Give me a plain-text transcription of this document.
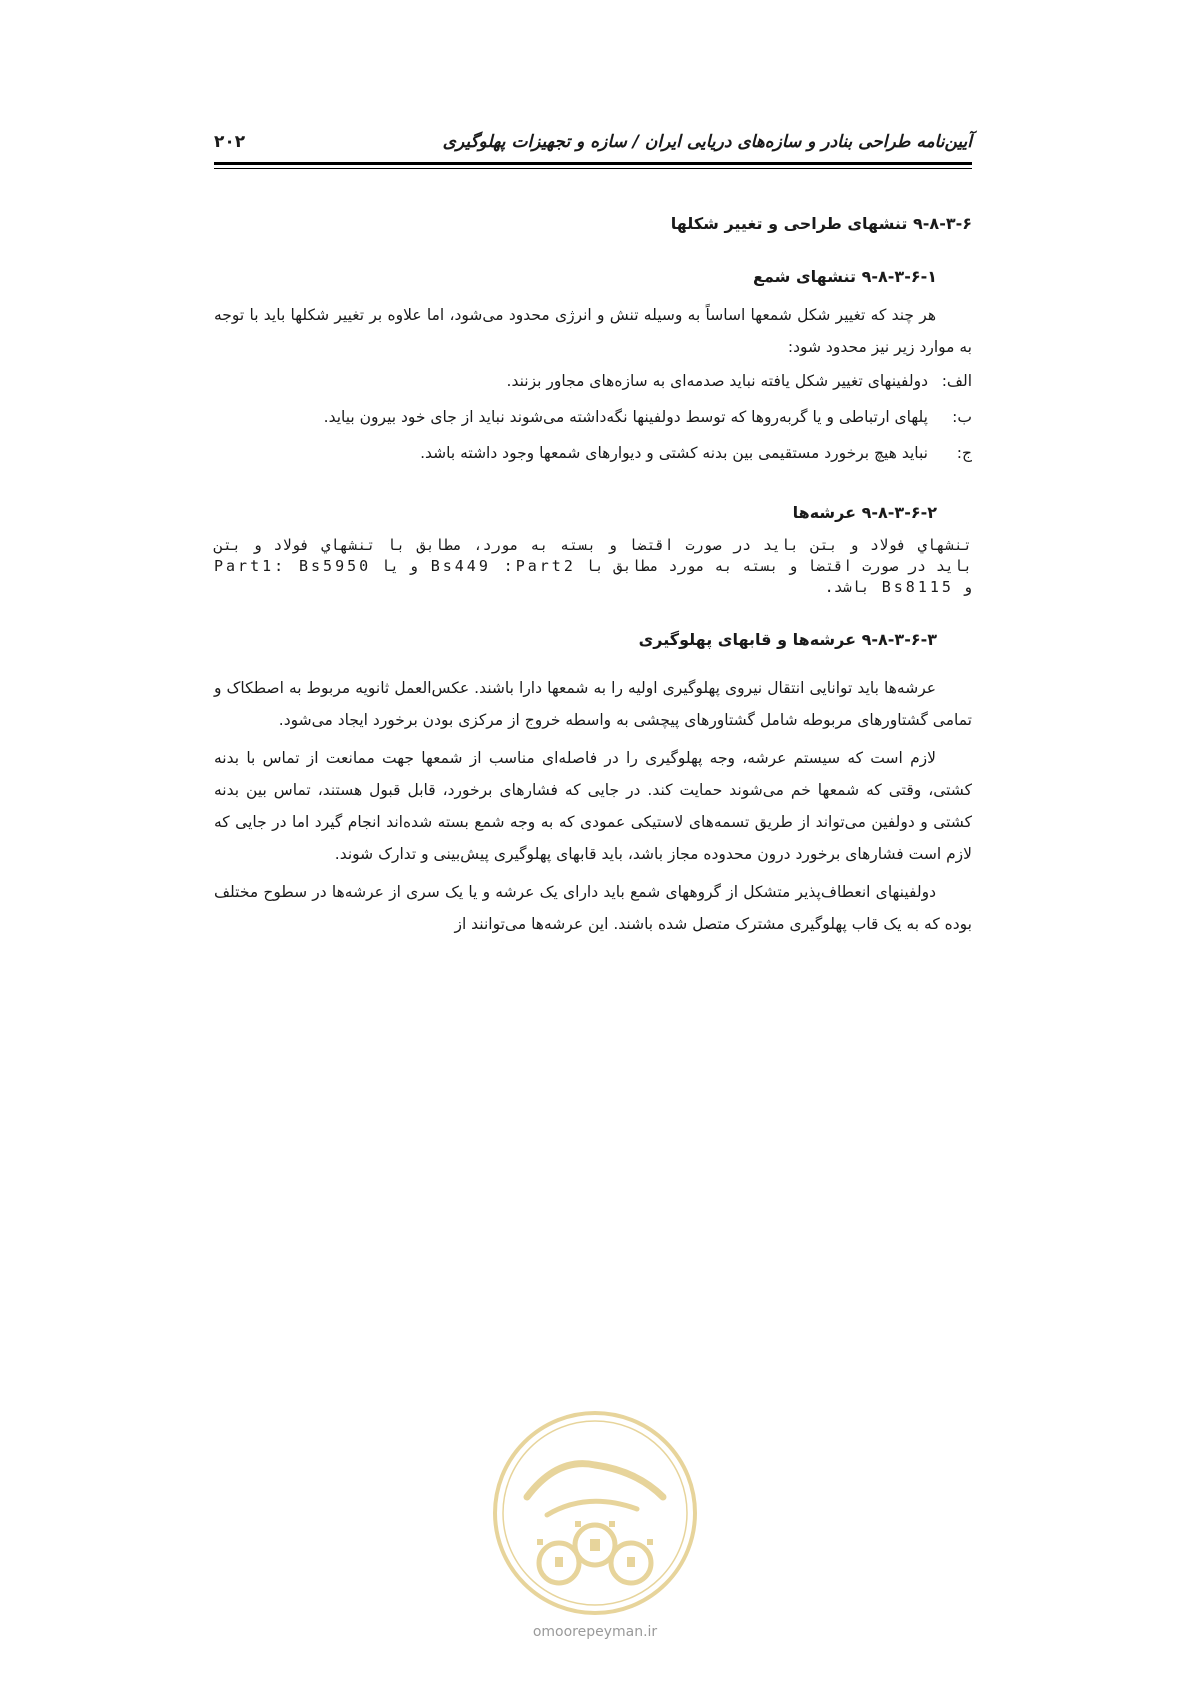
آیین‌نامه طراحی بنادر و سازه‌های دریایی ایران / سازه و تجهیزات پهلوگیری
۲۰۲
۹-۸-۳-۶ تنشهای طراحی و تغییر شکلها
۹-۸-۳-۶-۱ تنشهای شمع

هر چند که تغییر شکل شمعها اساساً به وسیله تنش و انرژی محدود می‌شود، اما علاوه بر تغییر شکلها باید با توجه به موارد زیر نیز محدود شود:

الف:
دولفینهای تغییر شکل یافته نباید صدمه‌ای به سازه‌های مجاور بزنند.
ب:
پلهای ارتباطی و یا گربه‌روها که توسط دولفینها نگه‌داشته می‌شوند نباید از جای خود بیرون بیاید.
ج:
نباید هیچ برخورد مستقیمی بین بدنه کشتی و دیوارهای شمعها وجود داشته باشد.
۹-۸-۳-۶-۲ عرشه‌ها

تنشهاي فولاد و بتن بايد در صورت اقتضا و بسته به مورد، مطابق با تنشهاي فولاد و بتن بايد در صورت اقتضا و بسته به مورد مطابق با Bs449 :Part2 و يا Part1: Bs5950 و Bs8115 باشد.

۹-۸-۳-۶-۳ عرشه‌ها و قابهای پهلوگیری

عرشه‌ها باید توانایی انتقال نیروی پهلوگیری اولیه را به شمعها دارا باشند. عکس‌العمل ثانویه مربوط به اصطکاک و تمامی گشتاورهای مربوطه شامل گشتاورهای پیچشی به واسطه خروج از مرکزی بودن برخورد ایجاد می‌شود.

لازم است که سیستم عرشه، وجه پهلوگیری را در فاصله‌ای مناسب از شمعها جهت ممانعت از تماس با بدنه کشتی، وقتی که شمعها خم می‌شوند حمایت کند. در جایی که فشارهای برخورد، قابل قبول هستند، تماس بین بدنه کشتی و دولفین می‌تواند از طریق تسمه‌های لاستیکی عمودی که به وجه شمع بسته شده‌اند انجام گیرد اما در جایی که لازم است فشارهای برخورد درون محدوده مجاز باشد، باید قابهای پهلوگیری پیش‌بینی و تدارک شوند.

دولفینهای انعطاف‌پذیر متشکل از گروههای شمع باید دارای یک عرشه و یا یک سری از عرشه‌ها در سطوح مختلف بوده که به یک قاب پهلوگیری مشترک متصل شده باشند. این عرشه‌ها می‌توانند از

omoorepeyman.ir
